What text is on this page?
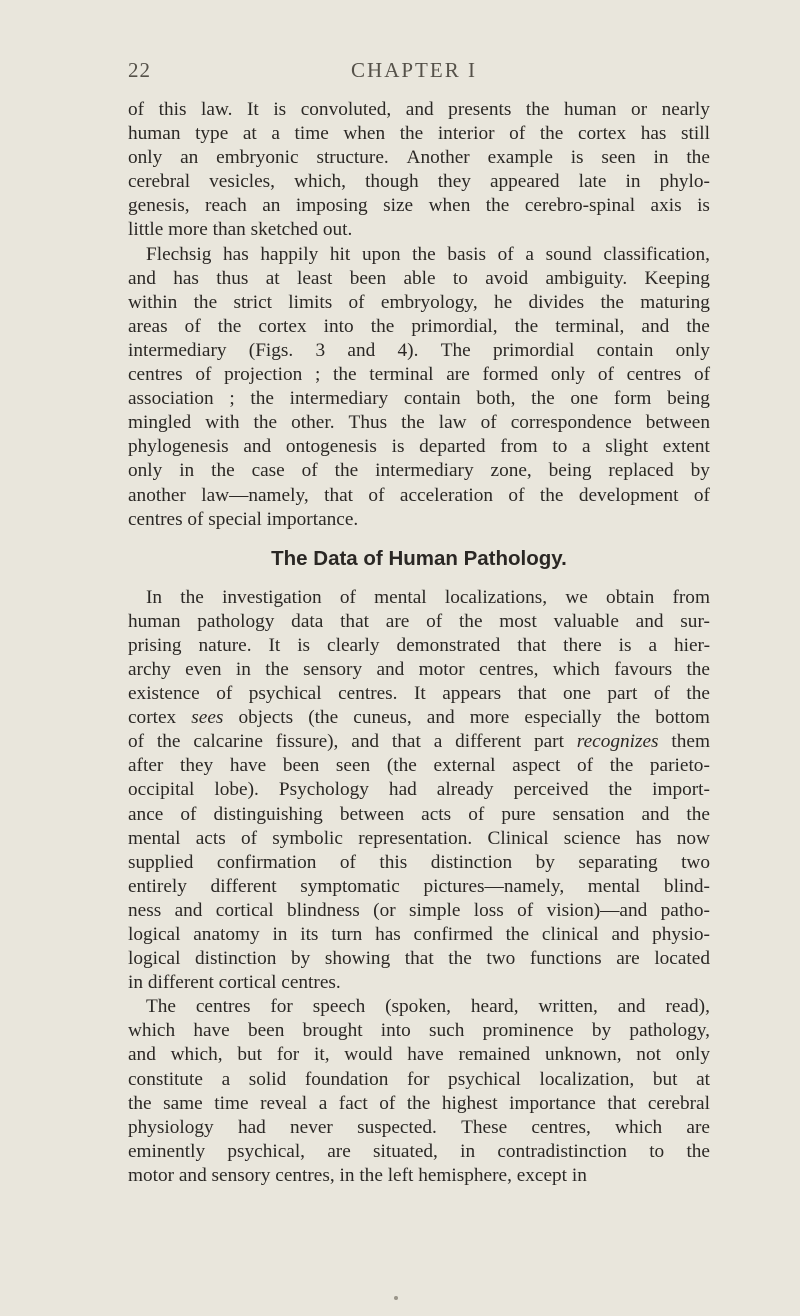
22	CHAPTER I
of this law. It is convoluted, and presents the human or nearly
human type at a time when the interior of the cortex has still
only an embryonic structure. Another example is seen in the
cerebral vesicles, which, though they appeared late in phylo-
genesis, reach an imposing size when the cerebro-spinal axis is
little more than sketched out.
Flechsig has happily hit upon the basis of a sound classification,
and has thus at least been able to avoid ambiguity. Keeping
within the strict limits of embryology, he divides the maturing
areas of the cortex into the primordial, the terminal, and the
intermediary (Figs. 3 and 4). The primordial contain only
centres of projection ; the terminal are formed only of centres of
association ; the intermediary contain both, the one form being
mingled with the other. Thus the law of correspondence between
phylogenesis and ontogenesis is departed from to a slight extent
only in the case of the intermediary zone, being replaced by
another law—namely, that of acceleration of the development of
centres of special importance.
The Data of Human Pathology.
In the investigation of mental localizations, we obtain from
human pathology data that are of the most valuable and sur-
prising nature. It is clearly demonstrated that there is a hier-
archy even in the sensory and motor centres, which favours the
existence of psychical centres. It appears that one part of the
cortex sees objects (the cuneus, and more especially the bottom
of the calcarine fissure), and that a different part recognizes them
after they have been seen (the external aspect of the parieto-
occipital lobe). Psychology had already perceived the import-
ance of distinguishing between acts of pure sensation and the
mental acts of symbolic representation. Clinical science has now
supplied confirmation of this distinction by separating two
entirely different symptomatic pictures—namely, mental blind-
ness and cortical blindness (or simple loss of vision)—and patho-
logical anatomy in its turn has confirmed the clinical and physio-
logical distinction by showing that the two functions are located
in different cortical centres.
The centres for speech (spoken, heard, written, and read),
which have been brought into such prominence by pathology,
and which, but for it, would have remained unknown, not only
constitute a solid foundation for psychical localization, but at
the same time reveal a fact of the highest importance that cerebral
physiology had never suspected. These centres, which are
eminently psychical, are situated, in contradistinction to the
motor and sensory centres, in the left hemisphere, except in
